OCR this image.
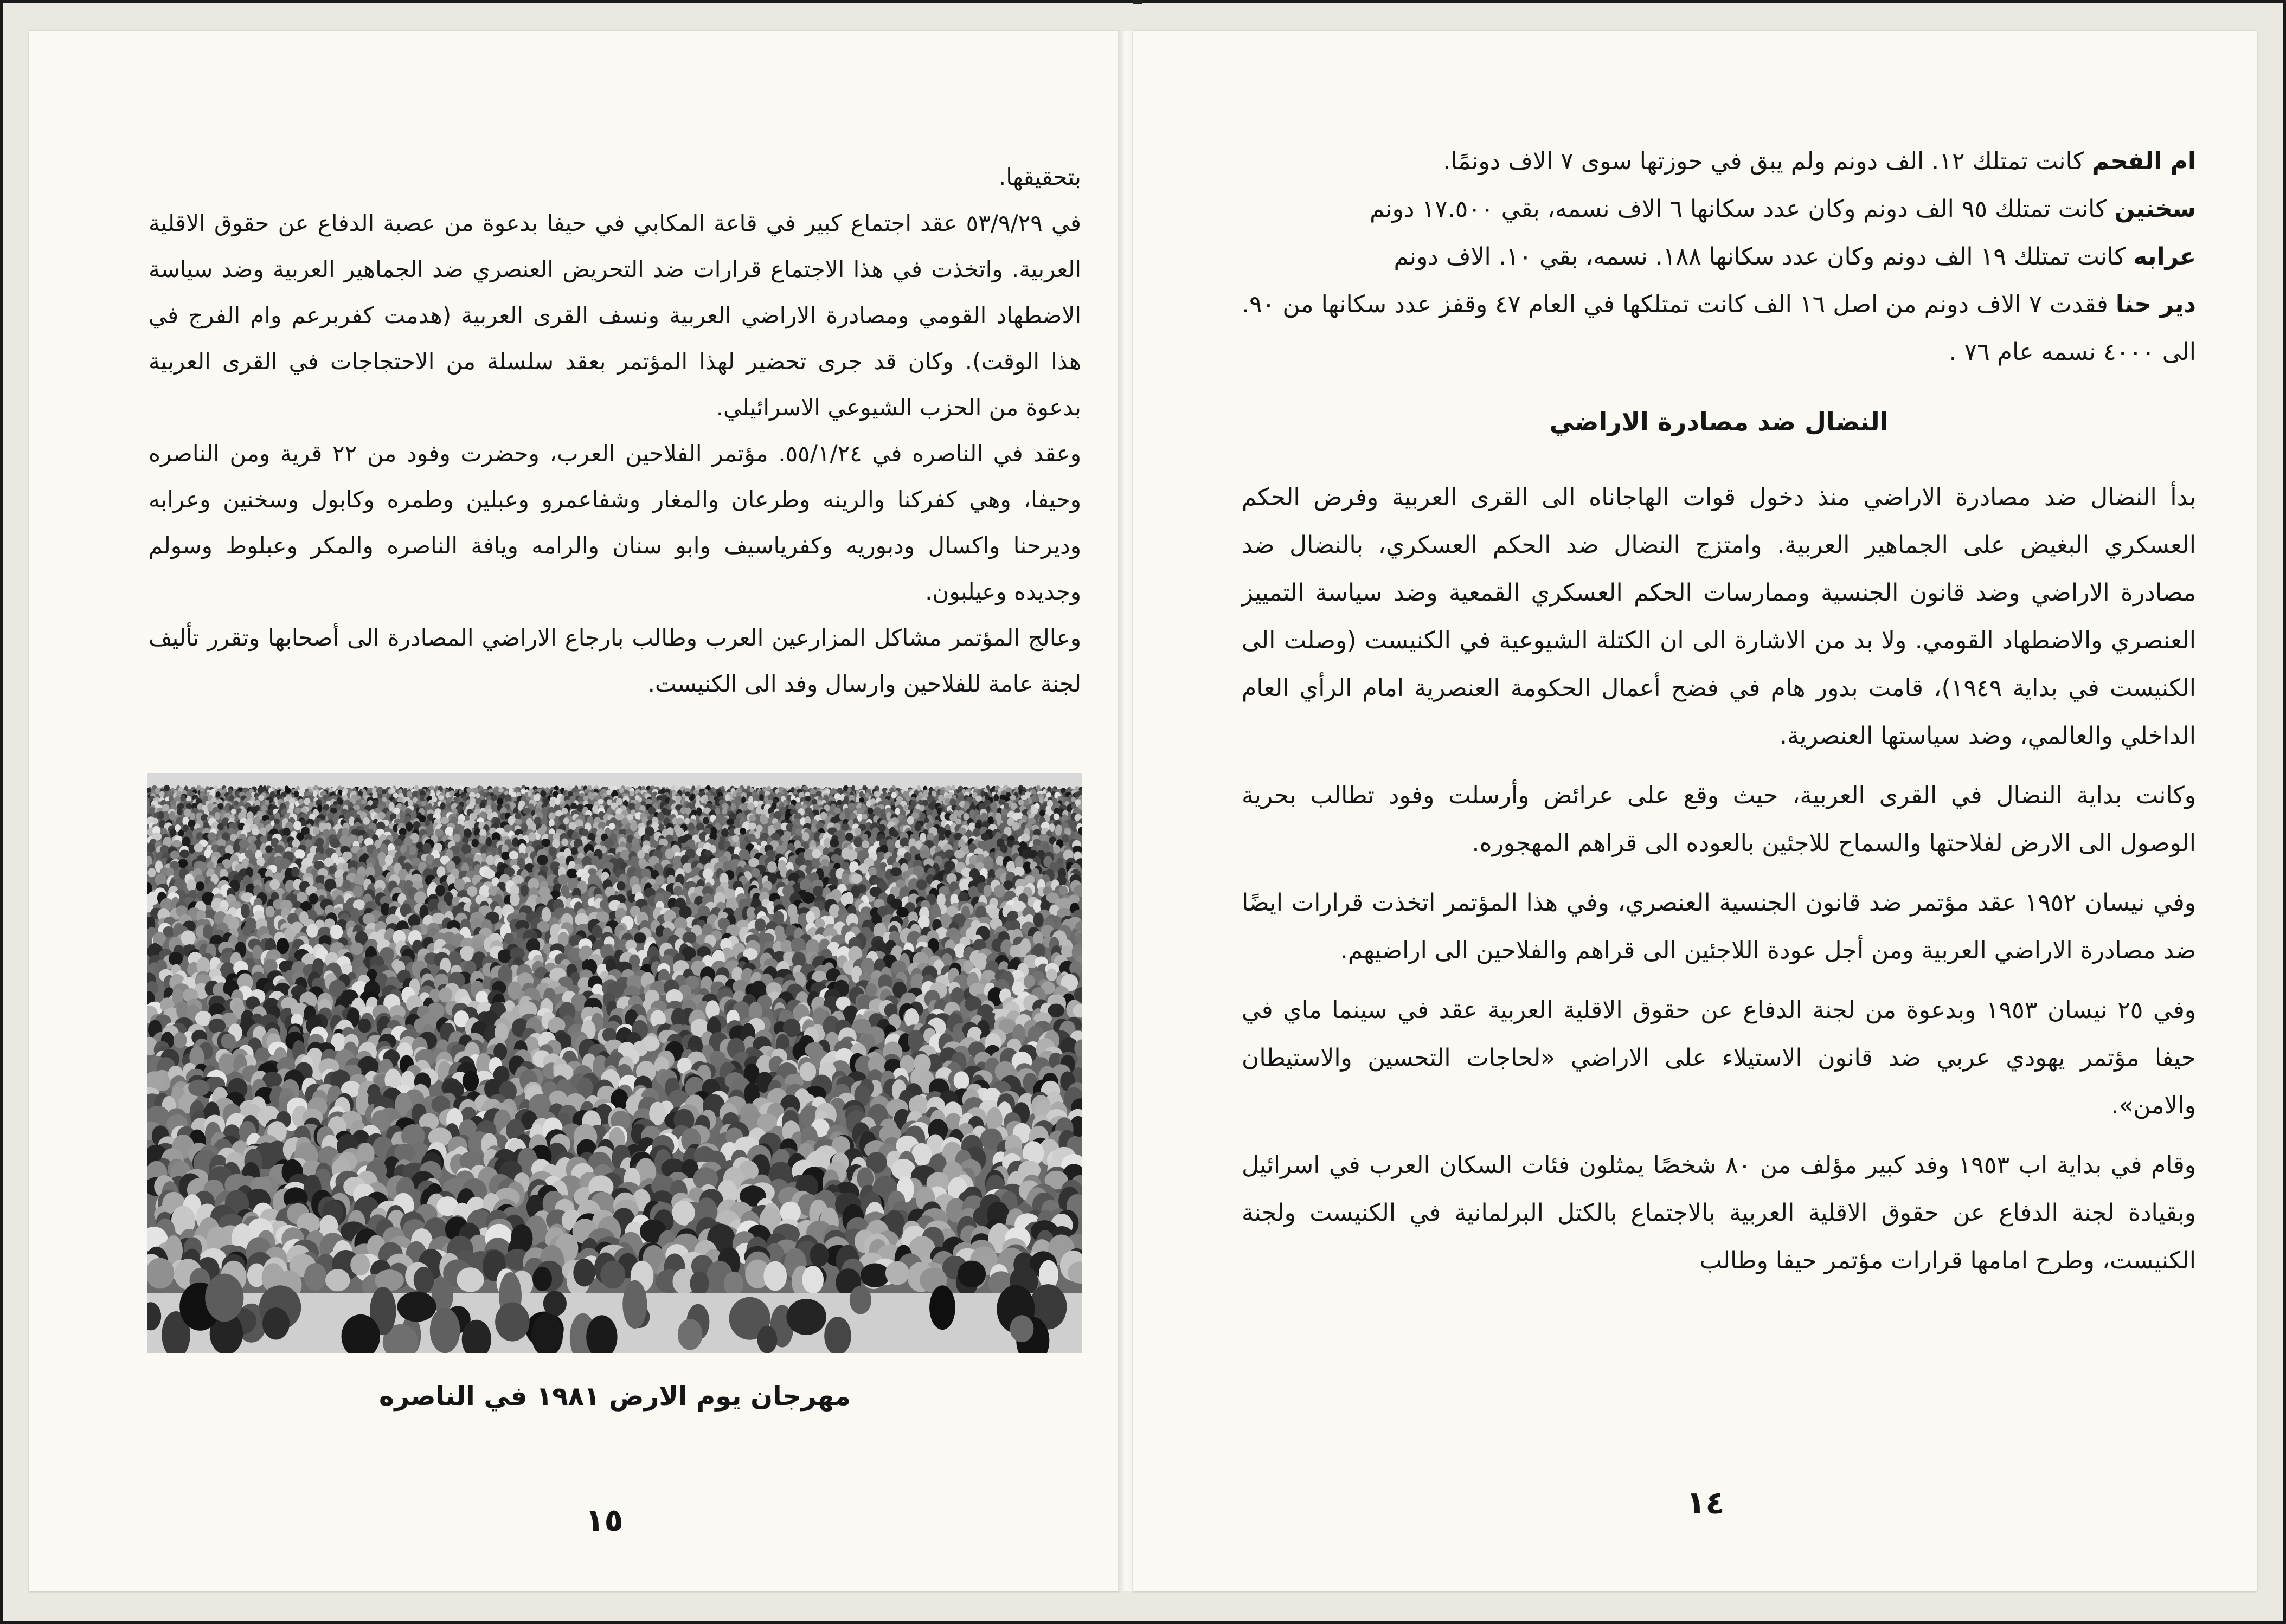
بتحقيقها.

في ٥٣/٩/٢٩ عقد اجتماع كبير في قاعة المكابي في حيفا بدعوة من عصبة الدفاع عن حقوق الاقلية العربية. واتخذت في هذا الاجتماع قرارات ضد التحريض العنصري ضد الجماهير العربية وضد سياسة الاضطهاد القومي ومصادرة الاراضي العربية ونسف القرى العربية (هدمت كفربرعم وام الفرج في هذا الوقت). وكان قد جرى تحضير لهذا المؤتمر بعقد سلسلة من الاحتجاجات في القرى العربية بدعوة من الحزب الشيوعي الاسرائيلي.

وعقد في الناصره في ٥٥/١/٢٤. مؤتمر الفلاحين العرب، وحضرت وفود من ٢٢ قرية ومن الناصره وحيفا، وهي كفركنا والرينه وطرعان والمغار وشفاعمرو وعبلين وطمره وكابول وسخنين وعرابه وديرحنا واكسال ودبوريه وكفرياسيف وابو سنان والرامه ويافة الناصره والمكر وعبلوط وسولم وجديده وعيلبون.

وعالج المؤتمر مشاكل المزارعين العرب وطالب بارجاع الاراضي المصادرة الى أصحابها وتقرر تأليف لجنة عامة للفلاحين وارسال وفد الى الكنيست.

مهرجان يوم الارض ١٩٨١ في الناصره
١٥

ام الفحم كانت تمتلك ١٢. الف دونم ولم يبق في حوزتها سوى ٧ الاف دونمًا.

سخنين كانت تمتلك ٩٥ الف دونم وكان عدد سكانها ٦ الاف نسمه، بقي ١٧.٥٠٠ دونم

عرابه كانت تمتلك ١٩ الف دونم وكان عدد سكانها ١٨٨. نسمه، بقي ١٠. الاف دونم

دير حنا فقدت ٧ الاف دونم من اصل ١٦ الف كانت تمتلكها في العام ٤٧ وقفز عدد سكانها من ٩٠. الى ٤٠٠٠ نسمه عام ٧٦ .

النضال ضد مصادرة الاراضي

بدأ النضال ضد مصادرة الاراضي منذ دخول قوات الهاجاناه الى القرى العربية وفرض الحكم العسكري البغيض على الجماهير العربية. وامتزج النضال ضد الحكم العسكري، بالنضال ضد مصادرة الاراضي وضد قانون الجنسية وممارسات الحكم العسكري القمعية وضد سياسة التمييز العنصري والاضطهاد القومي. ولا بد من الاشارة الى ان الكتلة الشيوعية في الكنيست (وصلت الى الكنيست في بداية ١٩٤٩)، قامت بدور هام في فضح أعمال الحكومة العنصرية امام الرأي العام الداخلي والعالمي، وضد سياستها العنصرية.

وكانت بداية النضال في القرى العربية، حيث وقع على عرائض وأرسلت وفود تطالب بحرية الوصول الى الارض لفلاحتها والسماح للاجئين بالعوده الى قراهم المهجوره.

وفي نيسان ١٩٥٢ عقد مؤتمر ضد قانون الجنسية العنصري، وفي هذا المؤتمر اتخذت قرارات ايضًا ضد مصادرة الاراضي العربية ومن أجل عودة اللاجئين الى قراهم والفلاحين الى اراضيهم.

وفي ٢٥ نيسان ١٩٥٣ وبدعوة من لجنة الدفاع عن حقوق الاقلية العربية عقد في سينما ماي في حيفا مؤتمر يهودي عربي ضد قانون الاستيلاء على الاراضي «لحاجات التحسين والاستيطان والامن».

وقام في بداية اب ١٩٥٣ وفد كبير مؤلف من ٨٠ شخصًا يمثلون فئات السكان العرب في اسرائيل وبقيادة لجنة الدفاع عن حقوق الاقلية العربية بالاجتماع بالكتل البرلمانية في الكنيست ولجنة الكنيست، وطرح امامها قرارات مؤتمر حيفا وطالب

١٤
